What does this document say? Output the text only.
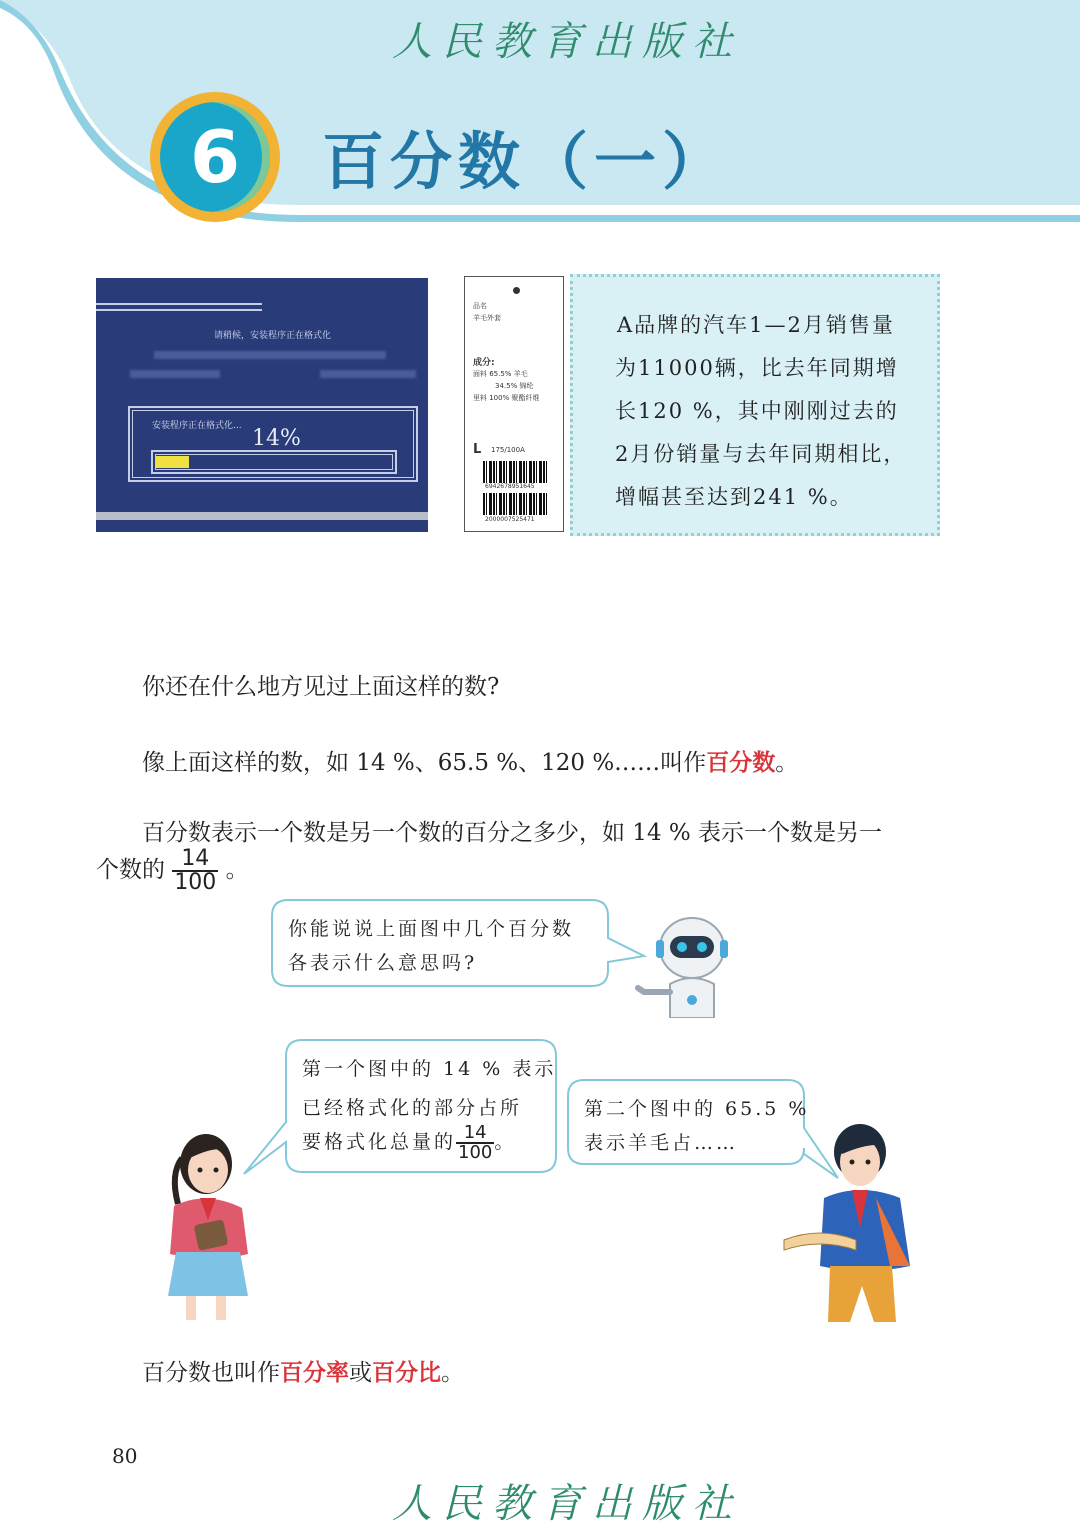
人民教育出版社
6	百分数（一）
请稍候，安装程序正在格式化
安装程序正在格式化... 14%
品名
羊毛外套
成分:
面料 65.5% 羊毛
34.5% 锦纶
里料 100% 聚酯纤维
L 175/100A
6942678951645
2000007525471
A品牌的汽车1—2月销售量
为11000辆，比去年同期增
长120 %，其中刚刚过去的
2月份销量与去年同期相比，
增幅甚至达到241 %。
你还在什么地方见过上面这样的数?
像上面这样的数，如 14 %、65.5 %、120 %……叫作百分数。
百分数表示一个数是另一个数的百分之多少，如 14 % 表示一个数是另一
个数的 $\frac{14}{100}$ 。
你能说说上面图中几个百分数
各表示什么意思吗?
第一个图中的 14 % 表示
已经格式化的部分占所
要格式化总量的 $\frac{14}{100}$ 。
第二个图中的 65.5 %
表示羊毛占……
百分数也叫作百分率或百分比。
80
人民教育出版社
